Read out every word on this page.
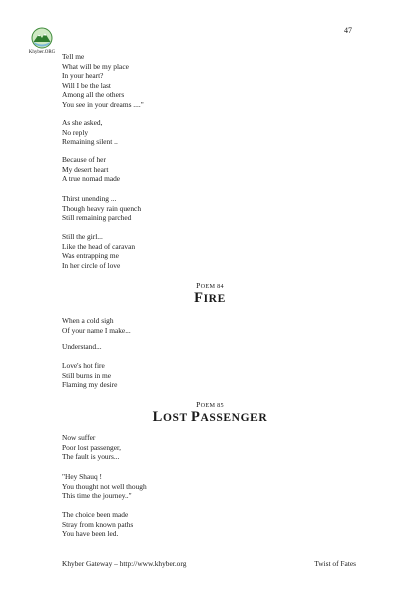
47
Khyber.ORG Tell me
What will be my place
In your heart?
Will I be the last
Among all the others
You see in your dreams ...."
As she asked,
No reply
Remaining silent ..
Because of her
My desert heart
A true nomad made
Thirst unending ...
Though heavy rain quench
Still remaining parched
Still the girl...
Like the head of caravan
Was entrapping me
In her circle of love
POEM 84
FIRE
When a cold sigh
Of your name I make...
Understand...
Love's hot fire
Still burns in me
Flaming my desire
POEM 85
LOST PASSENGER
Now suffer
Poor lost passenger,
The fault is yours...
"Hey Shauq !
You thought not well though
This time the journey.."
The choice been made
Stray from known paths
You have been led.
Khyber Gateway – http://www.khyber.org	Twist of Fates
